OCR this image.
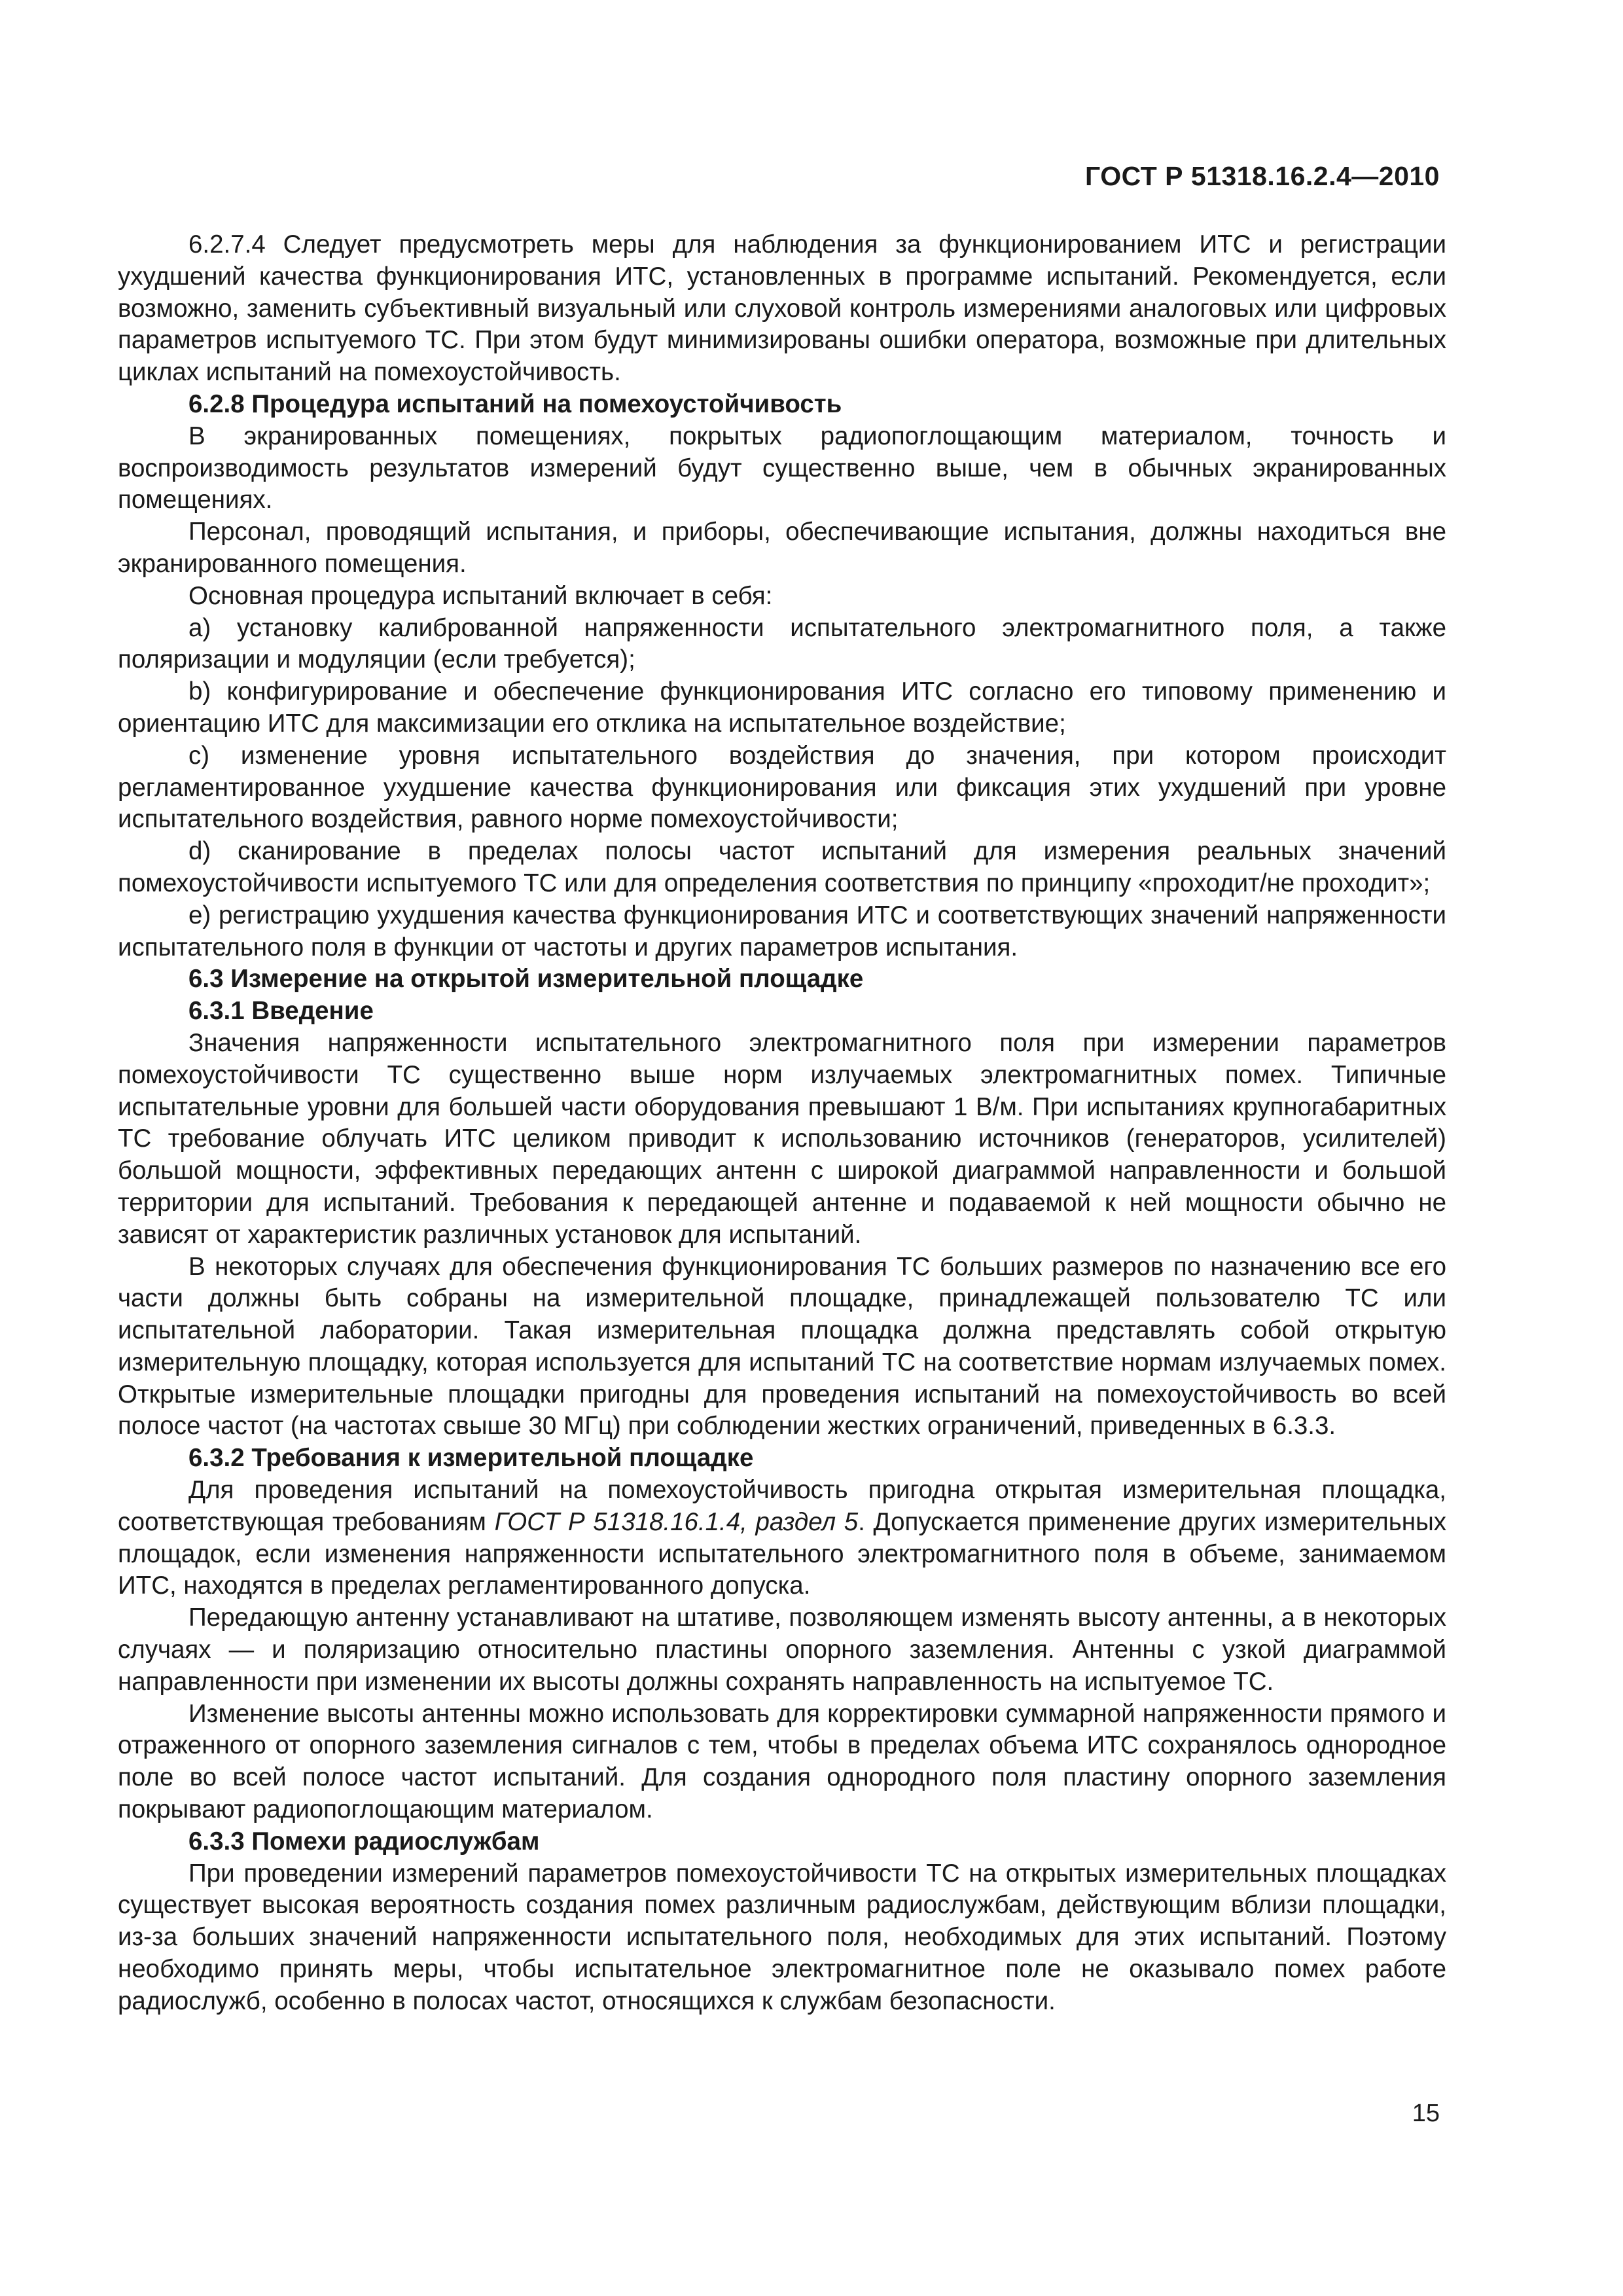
ГОСТ Р 51318.16.2.4—2010

6.2.7.4 Следует предусмотреть меры для наблюдения за функционированием ИТС и регистрации ухудшений качества функционирования ИТС, установленных в программе испытаний. Рекомендуется, если возможно, заменить субъективный визуальный или слуховой контроль измерениями аналоговых или цифровых параметров испытуемого ТС. При этом будут минимизированы ошибки оператора, возможные при длительных циклах испытаний на помехоустойчивость.

6.2.8 Процедура испытаний на помехоустойчивость

В экранированных помещениях, покрытых радиопоглощающим материалом, точность и воспроизводимость результатов измерений будут существенно выше, чем в обычных экранированных помещениях.

Персонал, проводящий испытания, и приборы, обеспечивающие испытания, должны находиться вне экранированного помещения.

Основная процедура испытаний включает в себя:

a) установку калиброванной напряженности испытательного электромагнитного поля, а также поляризации и модуляции (если требуется);

b) конфигурирование и обеспечение функционирования ИТС согласно его типовому применению и ориентацию ИТС для максимизации его отклика на испытательное воздействие;

c) изменение уровня испытательного воздействия до значения, при котором происходит регламентированное ухудшение качества функционирования или фиксация этих ухудшений при уровне испытательного воздействия, равного норме помехоустойчивости;

d) сканирование в пределах полосы частот испытаний для измерения реальных значений помехоустойчивости испытуемого ТС или для определения соответствия по принципу «проходит/не проходит»;

e) регистрацию ухудшения качества функционирования ИТС и соответствующих значений напряженности испытательного поля в функции от частоты и других параметров испытания.

6.3 Измерение на открытой измерительной площадке
6.3.1 Введение

Значения напряженности испытательного электромагнитного поля при измерении параметров помехоустойчивости ТС существенно выше норм излучаемых электромагнитных помех. Типичные испытательные уровни для большей части оборудования превышают 1 В/м. При испытаниях крупногабаритных ТС требование облучать ИТС целиком приводит к использованию источников (генераторов, усилителей) большой мощности, эффективных передающих антенн с широкой диаграммой направленности и большой территории для испытаний. Требования к передающей антенне и подаваемой к ней мощности обычно не зависят от характеристик различных установок для испытаний.

В некоторых случаях для обеспечения функционирования ТС больших размеров по назначению все его части должны быть собраны на измерительной площадке, принадлежащей пользователю ТС или испытательной лаборатории. Такая измерительная площадка должна представлять собой открытую измерительную площадку, которая используется для испытаний ТС на соответствие нормам излучаемых помех. Открытые измерительные площадки пригодны для проведения испытаний на помехоустойчивость во всей полосе частот (на частотах свыше 30 МГц) при соблюдении жестких ограничений, приведенных в 6.3.3.

6.3.2 Требования к измерительной площадке

Для проведения испытаний на помехоустойчивость пригодна открытая измерительная площадка, соответствующая требованиям ГОСТ Р 51318.16.1.4, раздел 5. Допускается применение других измерительных площадок, если изменения напряженности испытательного электромагнитного поля в объеме, занимаемом ИТС, находятся в пределах регламентированного допуска.

Передающую антенну устанавливают на штативе, позволяющем изменять высоту антенны, а в некоторых случаях — и поляризацию относительно пластины опорного заземления. Антенны с узкой диаграммой направленности при изменении их высоты должны сохранять направленность на испытуемое ТС.

Изменение высоты антенны можно использовать для корректировки суммарной напряженности прямого и отраженного от опорного заземления сигналов с тем, чтобы в пределах объема ИТС сохранялось однородное поле во всей полосе частот испытаний. Для создания однородного поля пластину опорного заземления покрывают радиопоглощающим материалом.

6.3.3 Помехи радиослужбам

При проведении измерений параметров помехоустойчивости ТС на открытых измерительных площадках существует высокая вероятность создания помех различным радиослужбам, действующим вблизи площадки, из-за больших значений напряженности испытательного поля, необходимых для этих испытаний. Поэтому необходимо принять меры, чтобы испытательное электромагнитное поле не оказывало помех работе радиослужб, особенно в полосах частот, относящихся к службам безопасности.

15
